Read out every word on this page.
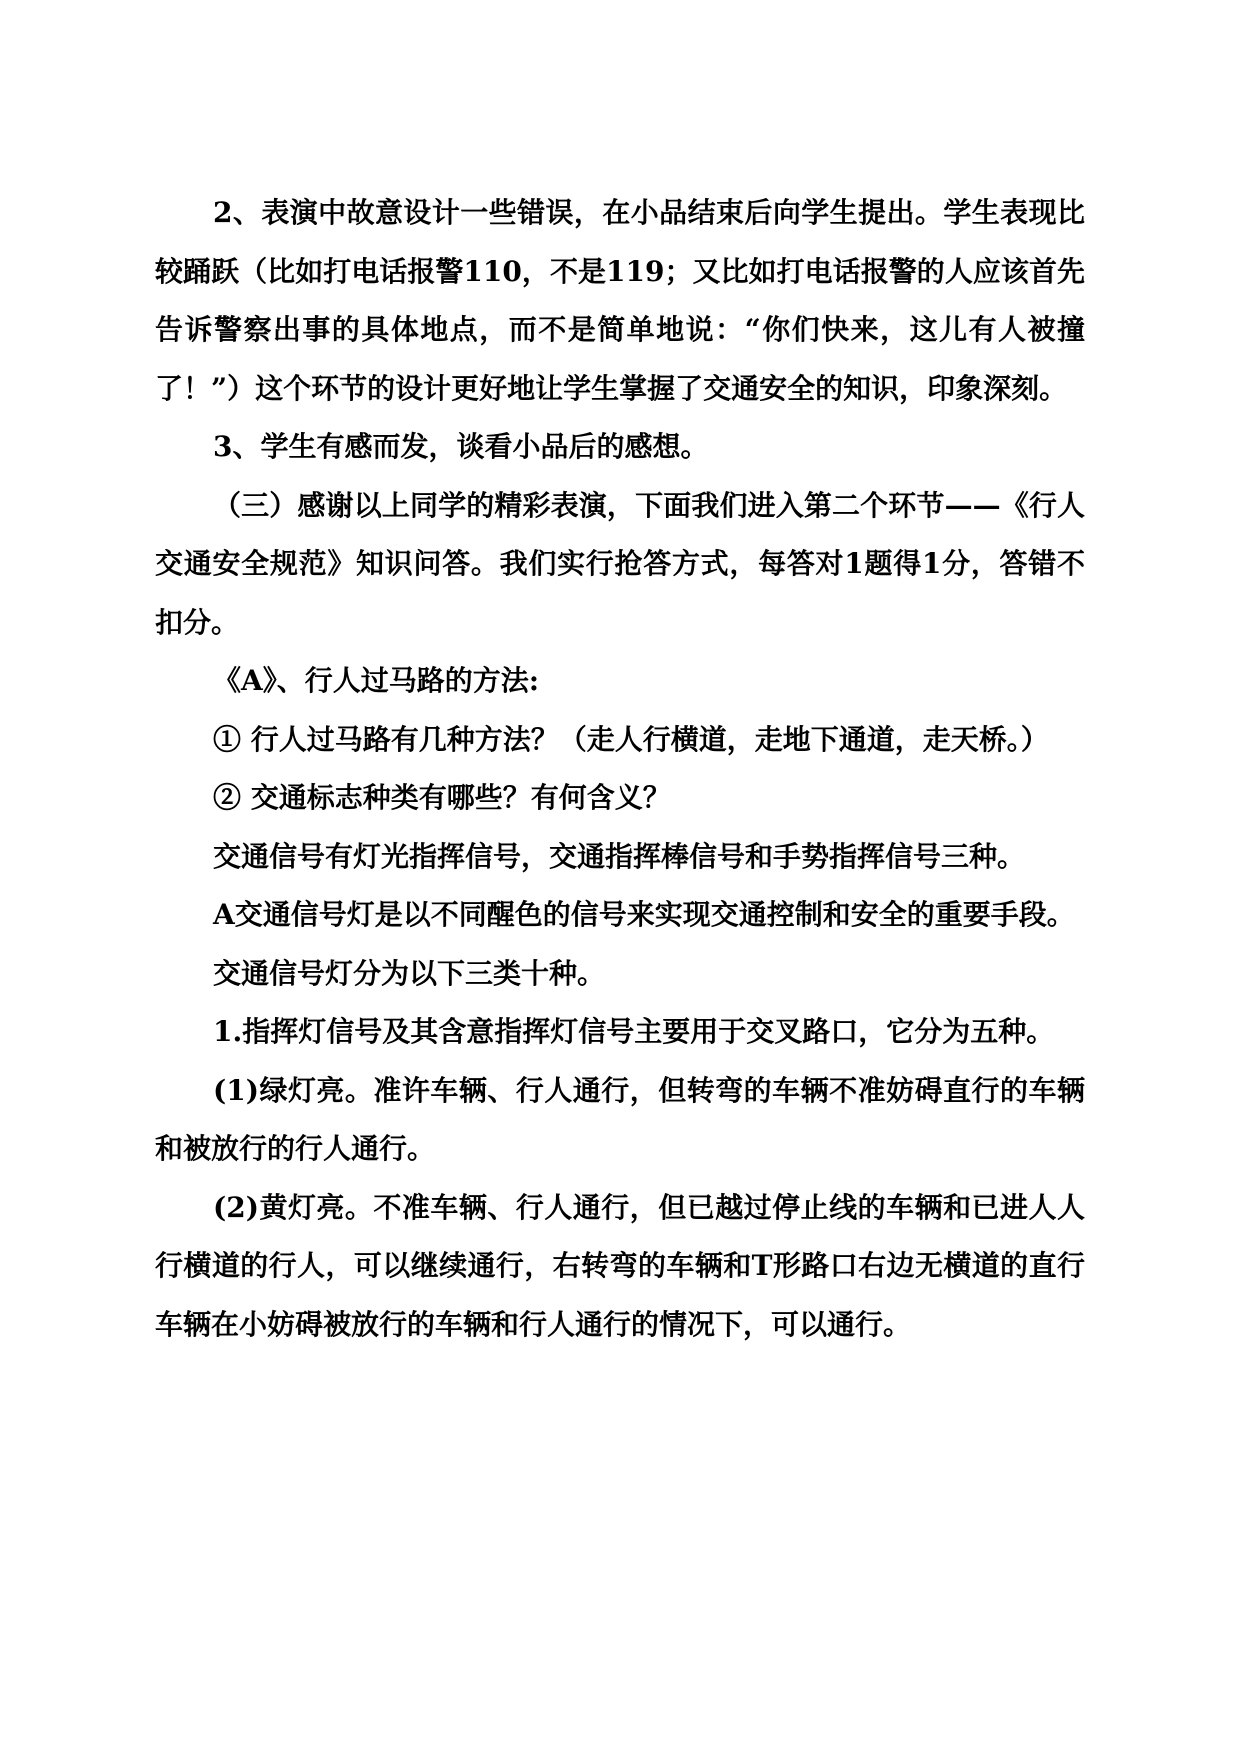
2、表演中故意设计一些错误，在小品结束后向学生提出。学生表现比较踊跃（比如打电话报警110，不是119；又比如打电话报警的人应该首先告诉警察出事的具体地点，而不是简单地说：“你们快来，这儿有人被撞了！”）这个环节的设计更好地让学生掌握了交通安全的知识，印象深刻。

3、学生有感而发，谈看小品后的感想。

（三）感谢以上同学的精彩表演，下面我们进入第二个环节——《行人交通安全规范》知识问答。我们实行抢答方式，每答对1题得1分，答错不扣分。

《A》、行人过马路的方法:

① 行人过马路有几种方法？（走人行横道，走地下通道，走天桥。）

② 交通标志种类有哪些？有何含义？

交通信号有灯光指挥信号，交通指挥棒信号和手势指挥信号三种。

A交通信号灯是以不同醒色的信号来实现交通控制和安全的重要手段。

交通信号灯分为以下三类十种。

1.指挥灯信号及其含意指挥灯信号主要用于交叉路口，它分为五种。

(1)绿灯亮。准许车辆、行人通行，但转弯的车辆不准妨碍直行的车辆和被放行的行人通行。

(2)黄灯亮。不准车辆、行人通行，但已越过停止线的车辆和已进人人行横道的行人，可以继续通行，右转弯的车辆和T形路口右边无横道的直行车辆在小妨碍被放行的车辆和行人通行的情况下，可以通行。
